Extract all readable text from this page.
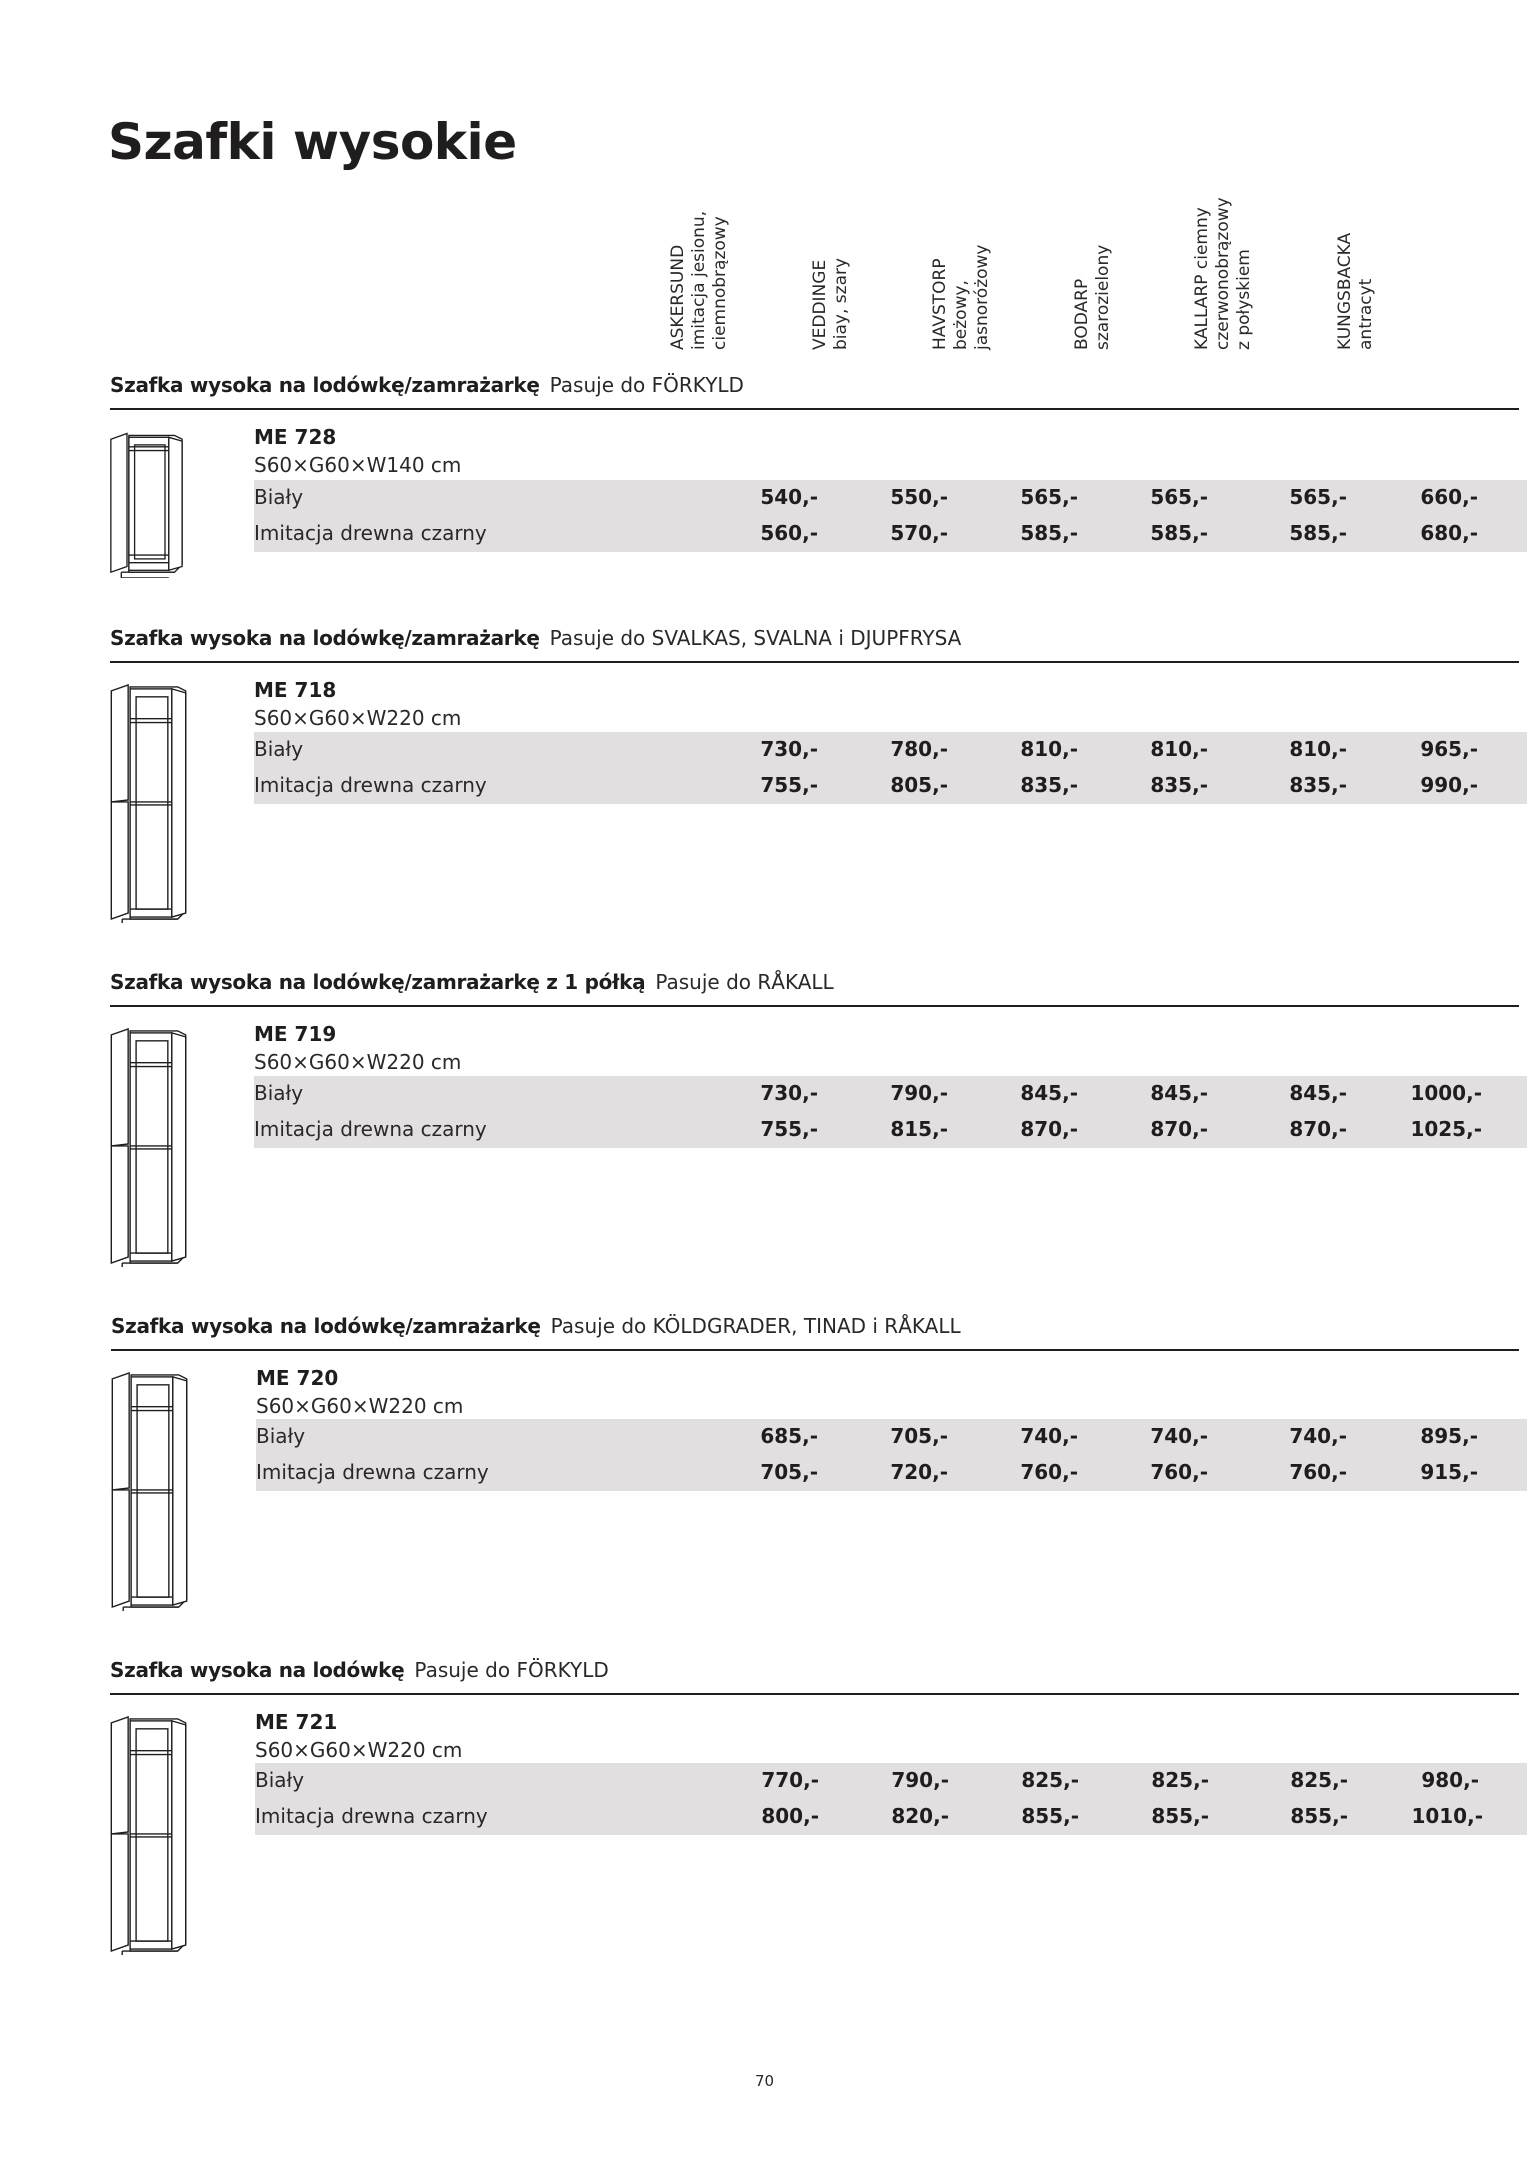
Szafki wysokie
ASKERSUND imitacja jesionu, ciemnobrązowy	VEDDINGE biay, szary	HAVSTORP beżowy, jasnoróżowy	BODARP szarozielony	KALLARP ciemny czerwonobrązowy z połyskiem	KUNGSBACKA antracyt
Szafka wysoka na lodówkę/zamrażarkę Pasuje do FÖRKYLD
ME 728
S60×G60×W140 cm
Biały	540,-	550,-	565,-	565,-	565,-	660,-
Imitacja drewna czarny	560,-	570,-	585,-	585,-	585,-	680,-
Szafka wysoka na lodówkę/zamrażarkę Pasuje do SVALKAS, SVALNA i DJUPFRYSA
ME 718
S60×G60×W220 cm
Biały	730,-	780,-	810,-	810,-	810,-	965,-
Imitacja drewna czarny	755,-	805,-	835,-	835,-	835,-	990,-
Szafka wysoka na lodówkę/zamrażarkę z 1 półką Pasuje do RÅKALL
ME 719
S60×G60×W220 cm
Biały	730,-	790,-	845,-	845,-	845,-	1000,-
Imitacja drewna czarny	755,-	815,-	870,-	870,-	870,-	1025,-
Szafka wysoka na lodówkę/zamrażarkę Pasuje do KÖLDGRADER, TINAD i RÅKALL
ME 720
S60×G60×W220 cm
Biały	685,-	705,-	740,-	740,-	740,-	895,-
Imitacja drewna czarny	705,-	720,-	760,-	760,-	760,-	915,-
Szafka wysoka na lodówkę Pasuje do FÖRKYLD
ME 721
S60×G60×W220 cm
Biały	770,-	790,-	825,-	825,-	825,-	980,-
Imitacja drewna czarny	800,-	820,-	855,-	855,-	855,-	1010,-
70
